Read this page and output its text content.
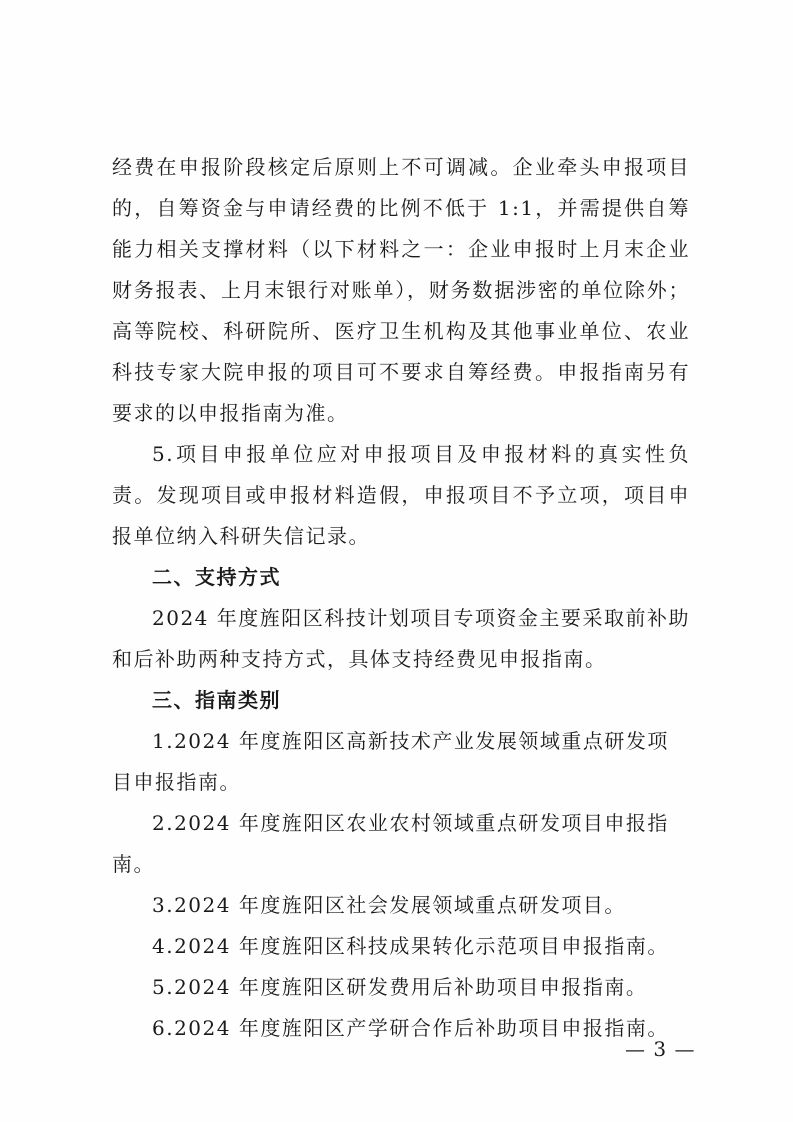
经费在申报阶段核定后原则上不可调减。企业牵头申报项目的，自筹资金与申请经费的比例不低于 1:1，并需提供自筹能力相关支撑材料（以下材料之一：企业申报时上月末企业财务报表、上月末银行对账单），财务数据涉密的单位除外；高等院校、科研院所、医疗卫生机构及其他事业单位、农业科技专家大院申报的项目可不要求自筹经费。申报指南另有要求的以申报指南为准。

5.项目申报单位应对申报项目及申报材料的真实性负责。发现项目或申报材料造假，申报项目不予立项，项目申报单位纳入科研失信记录。

二、支持方式

2024 年度旌阳区科技计划项目专项资金主要采取前补助和后补助两种支持方式，具体支持经费见申报指南。

三、指南类别

1.2024 年度旌阳区高新技术产业发展领域重点研发项目申报指南。

2.2024 年度旌阳区农业农村领域重点研发项目申报指南。

3.2024 年度旌阳区社会发展领域重点研发项目。

4.2024 年度旌阳区科技成果转化示范项目申报指南。

5.2024 年度旌阳区研发费用后补助项目申报指南。

6.2024 年度旌阳区产学研合作后补助项目申报指南。

— 3 —
